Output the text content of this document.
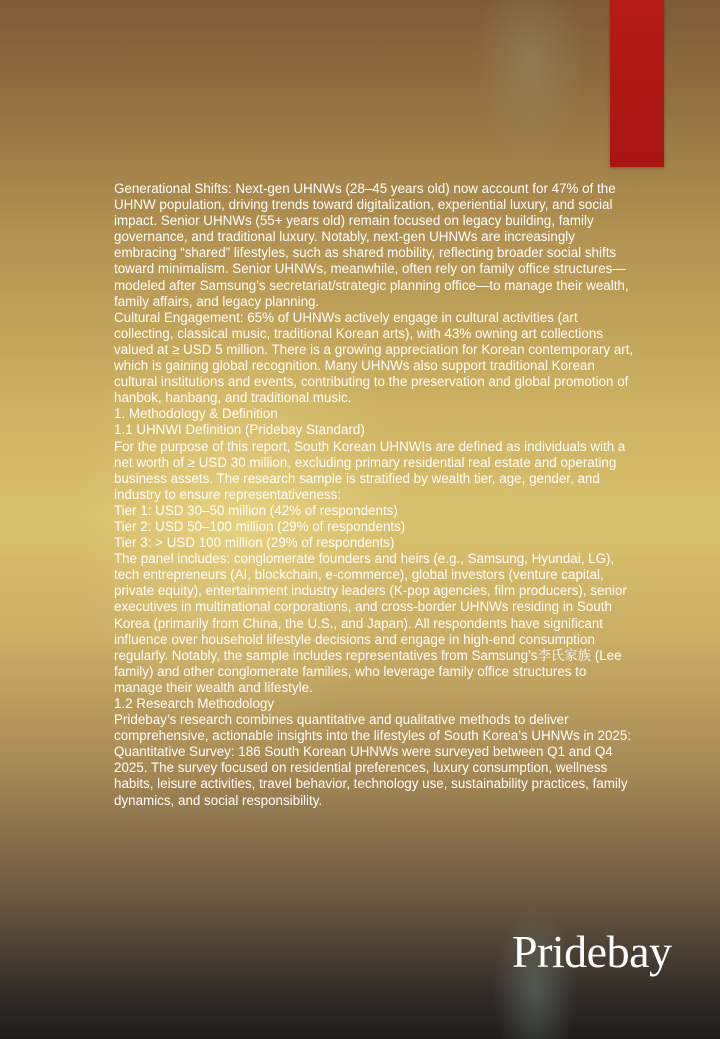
Generational Shifts: Next-gen UHNWs (28–45 years old) now account for 47% of the UHNW population, driving trends toward digitalization, experiential luxury, and social impact. Senior UHNWs (55+ years old) remain focused on legacy building, family governance, and traditional luxury. Notably, next-gen UHNWs are increasingly embracing “shared” lifestyles, such as shared mobility, reflecting broader social shifts toward minimalism. Senior UHNWs, meanwhile, often rely on family office structures—modeled after Samsung’s secretariat/strategic planning office—to manage their wealth, family affairs, and legacy planning.

Cultural Engagement: 65% of UHNWs actively engage in cultural activities (art collecting, classical music, traditional Korean arts), with 43% owning art collections valued at ≥ USD 5 million. There is a growing appreciation for Korean contemporary art, which is gaining global recognition. Many UHNWs also support traditional Korean cultural institutions and events, contributing to the preservation and global promotion of hanbok, hanbang, and traditional music.

1. Methodology & Definition

1.1 UHNWI Definition (Pridebay Standard)

For the purpose of this report, South Korean UHNWIs are defined as individuals with a net worth of ≥ USD 30 million, excluding primary residential real estate and operating business assets. The research sample is stratified by wealth tier, age, gender, and industry to ensure representativeness:

Tier 1: USD 30–50 million (42% of respondents)

Tier 2: USD 50–100 million (29% of respondents)

Tier 3: > USD 100 million (29% of respondents)

The panel includes: conglomerate founders and heirs (e.g., Samsung, Hyundai, LG), tech entrepreneurs (AI, blockchain, e-commerce), global investors (venture capital, private equity), entertainment industry leaders (K-pop agencies, film producers), senior executives in multinational corporations, and cross-border UHNWs residing in South Korea (primarily from China, the U.S., and Japan). All respondents have significant influence over household lifestyle decisions and engage in high-end consumption regularly. Notably, the sample includes representatives from Samsung’s李氏家族 (Lee family) and other conglomerate families, who leverage family office structures to manage their wealth and lifestyle.

1.2 Research Methodology

Pridebay’s research combines quantitative and qualitative methods to deliver comprehensive, actionable insights into the lifestyles of South Korea’s UHNWs in 2025:

Quantitative Survey: 186 South Korean UHNWs were surveyed between Q1 and Q4 2025. The survey focused on residential preferences, luxury consumption, wellness habits, leisure activities, travel behavior, technology use, sustainability practices, family dynamics, and social responsibility.

Pridebay
